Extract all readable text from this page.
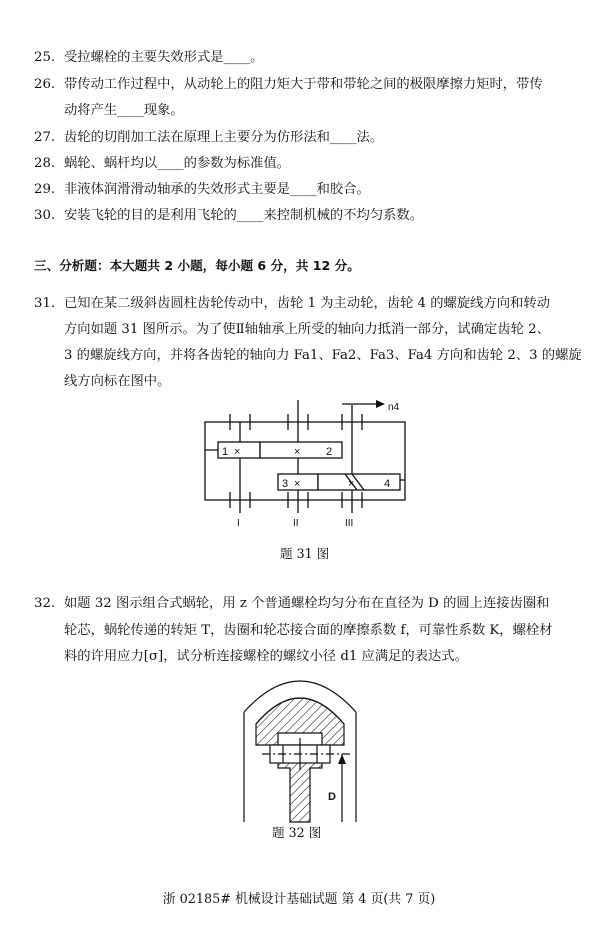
25. 受拉螺栓的主要失效形式是____。
26. 带传动工作过程中，从动轮上的阻力矩大于带和带轮之间的极限摩擦力矩时，带传
动将产生____现象。
27. 齿轮的切削加工法在原理上主要分为仿形法和____法。
28. 蜗轮、蜗杆均以____的参数为标准值。
29. 非液体润滑滑动轴承的失效形式主要是____和胶合。
30. 安装飞轮的目的是利用飞轮的____来控制机械的不均匀系数。
三、分析题：本大题共 2 小题，每小题 6 分，共 12 分。
31. 已知在某二级斜齿圆柱齿轮传动中，齿轮 1 为主动轮，齿轮 4 的螺旋线方向和转动
方向如题 31 图所示。为了使Ⅱ轴轴承上所受的轴向力抵消一部分，试确定齿轮 2、
3 的螺旋线方向，并将各齿轮的轴向力 Fa1、Fa2、Fa3、Fa4 方向和齿轮 2、3 的螺旋
线方向标在图中。
1 ×	× 2
3 ×	×	4
n4
I	II	III
题 31 图
32. 如题 32 图示组合式蜗轮，用 z 个普通螺栓均匀分布在直径为 D 的圆上连接齿圈和
轮芯，蜗轮传递的转矩 T，齿圈和轮芯接合面的摩擦系数 f，可靠性系数 K，螺栓材
料的许用应力[σ]，试分析连接螺栓的螺纹小径 d1 应满足的表达式。
D
题 32 图
浙 02185# 机械设计基础试题 第 4 页(共 7 页)
